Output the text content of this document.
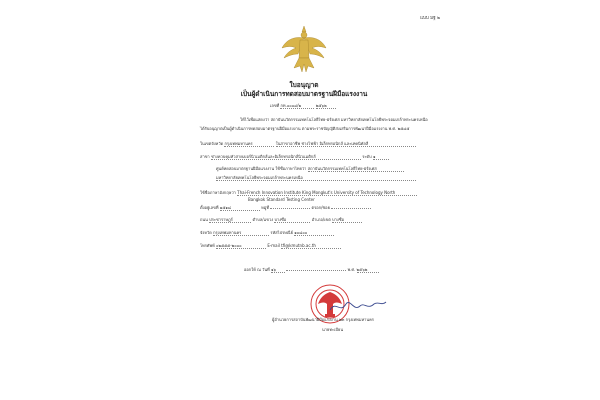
แบบ มฐ ๒
ใบอนุญาต
เป็นผู้ดำเนินการทดสอบมาตรฐานฝีมือแรงงาน
เลขที่ กท.๐๐๐๔/๒	๒๕๖๒
ให้ไว้เพื่อแสดงว่า สถาบันนวัตกรรมเทคโนโลยีไทย-ฝรั่งเศส มหาวิทยาลัยเทคโนโลยีพระจอมเกล้าพระนครเหนือ
ได้รับอนุญาตเป็นผู้ดำเนินการทดสอบมาตรฐานฝีมือแรงงาน ตามพระราชบัญญัติส่งเสริมการพัฒนาฝีมือแรงงาน พ.ศ. ๒๕๔๕
ในเขตจังหวัด กรุงเทพมหานคร	ในสาขาอาชีพ ช่างไฟฟ้า อิเล็กทรอนิกส์ และเทคนิคัลลี
สาขา ช่างควบคุมหัวสายเบอร์นิวเมติกส์และอิเล็กทรอนิกส์นิวแมติกส์	ระดับ ๑
ศูนย์ทดสอบมาตรฐานฝีมือแรงงาน ใช้ชื่อภาษาไทยว่า สถาบันนวัตกรรมเทคโนโลยีไทย-ฝรั่งเศส
มหาวิทยาลัยเทคโนโลยีพระจอมเกล้าพระนครเหนือ
ใช้ชื่อภาษาอังกฤษว่า Thai-French Innovation Institute King Mongkut's University of Technology North
Bangkok Standard Testing Center
ตั้งอยู่เลขที่ ๑๕๑๘	หมู่ที่	ตรอก/ซอย
ถนน ประชาราษฎร์	ตำบล/แขวง บางซื่อ	อำเภอ/เขต บางซื่อ
จังหวัด กรุงเทพมหานคร	รหัสไปรษณีย์ ๑๐๘๐๐
โทรศัพท์ ๐๒๕๕๕-๒๐๐๐	E-mail tfi@kmutnb.ac.th
ออกให้ ณ วันที่ ๑๖	พ.ศ. ๒๕๖๒
ผู้อำนวยการสถาบันพัฒนาฝีมือแรงงาน ๒๓ กรุงเทพมหานคร
นายทะเบียน
